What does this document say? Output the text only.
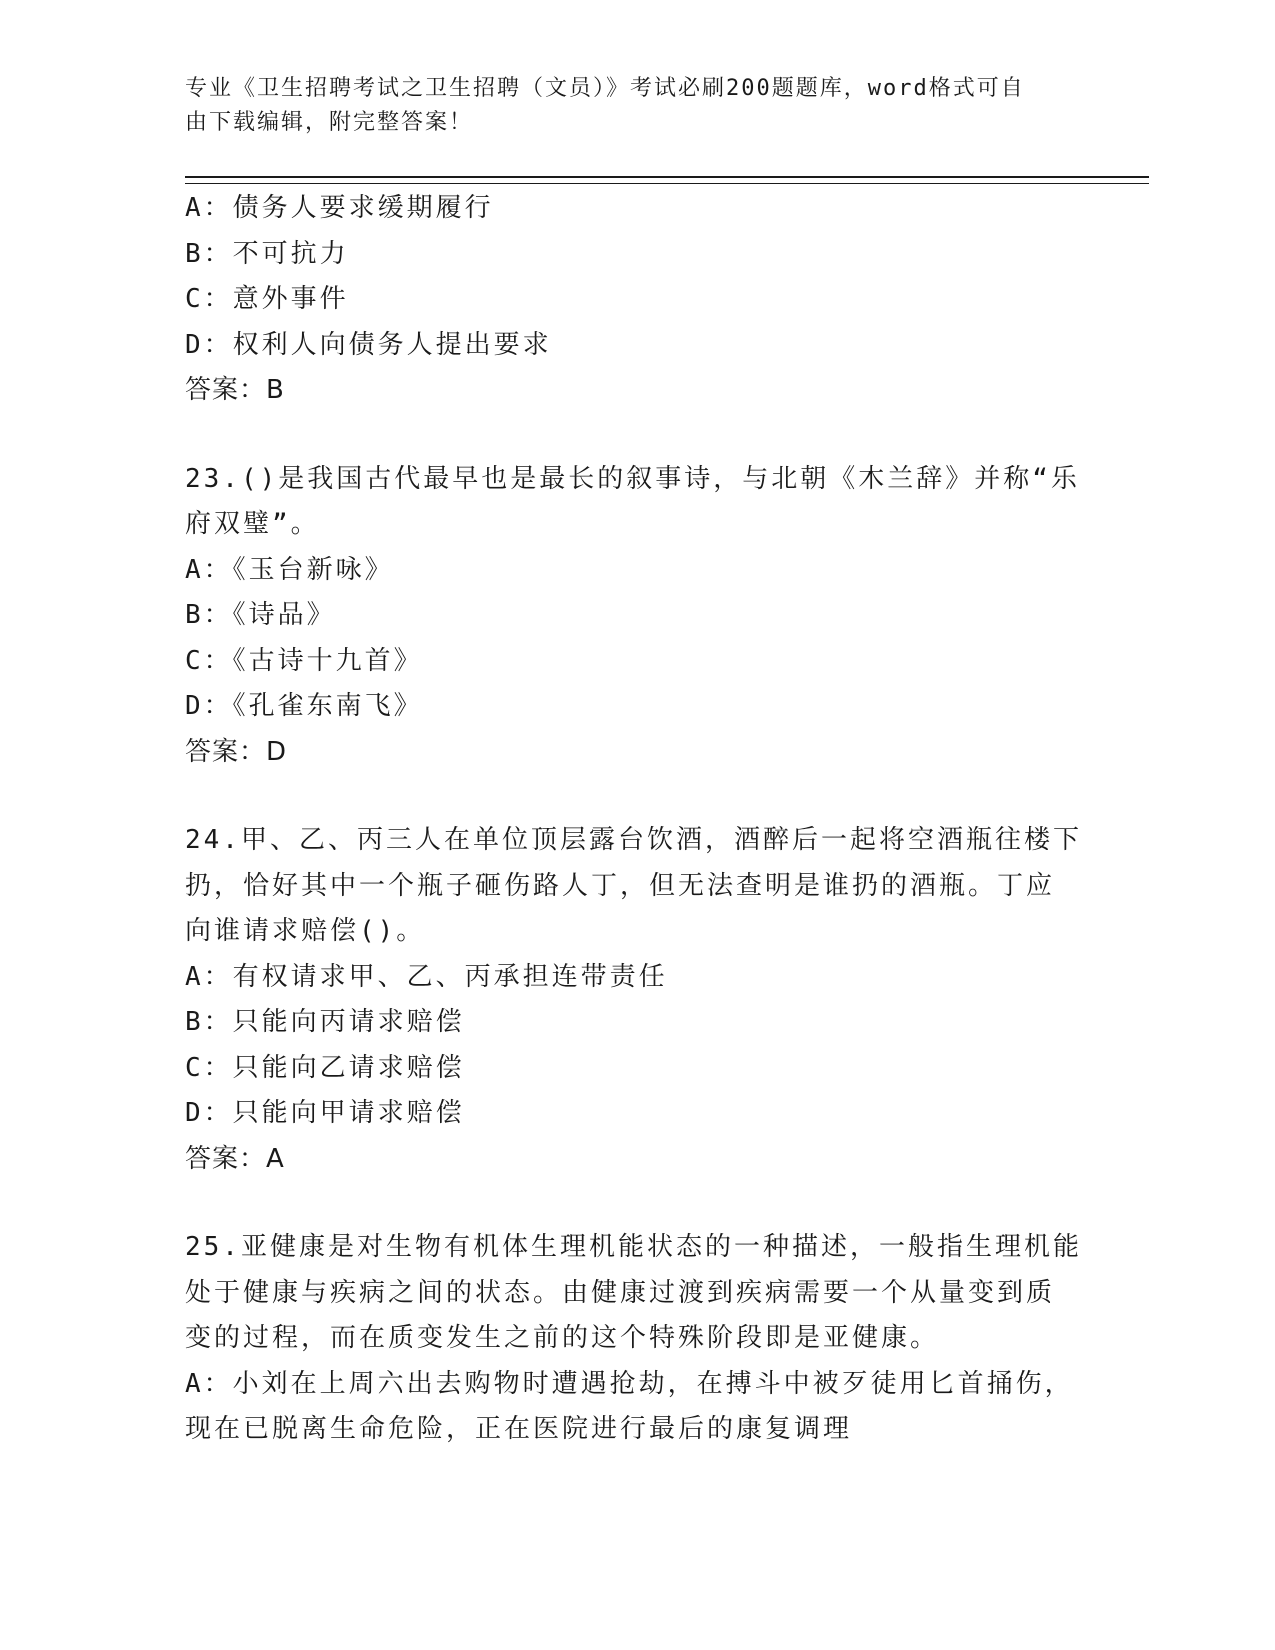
专业《卫生招聘考试之卫生招聘（文员）》考试必刷200题题库，word格式可自
由下载编辑，附完整答案！
A：债务人要求缓期履行
B：不可抗力
C：意外事件
D：权利人向债务人提出要求
答案：B
23.()是我国古代最早也是最长的叙事诗，与北朝《木兰辞》并称“乐
府双璧”。
A：《玉台新咏》
B：《诗品》
C：《古诗十九首》
D：《孔雀东南飞》
答案：D
24.甲、乙、丙三人在单位顶层露台饮酒，酒醉后一起将空酒瓶往楼下
扔，恰好其中一个瓶子砸伤路人丁，但无法查明是谁扔的酒瓶。丁应
向谁请求赔偿()。
A：有权请求甲、乙、丙承担连带责任
B：只能向丙请求赔偿
C：只能向乙请求赔偿
D：只能向甲请求赔偿
答案：A
25.亚健康是对生物有机体生理机能状态的一种描述，一般指生理机能
处于健康与疾病之间的状态。由健康过渡到疾病需要一个从量变到质
变的过程，而在质变发生之前的这个特殊阶段即是亚健康。
A：小刘在上周六出去购物时遭遇抢劫，在搏斗中被歹徒用匕首捅伤，
现在已脱离生命危险，正在医院进行最后的康复调理
